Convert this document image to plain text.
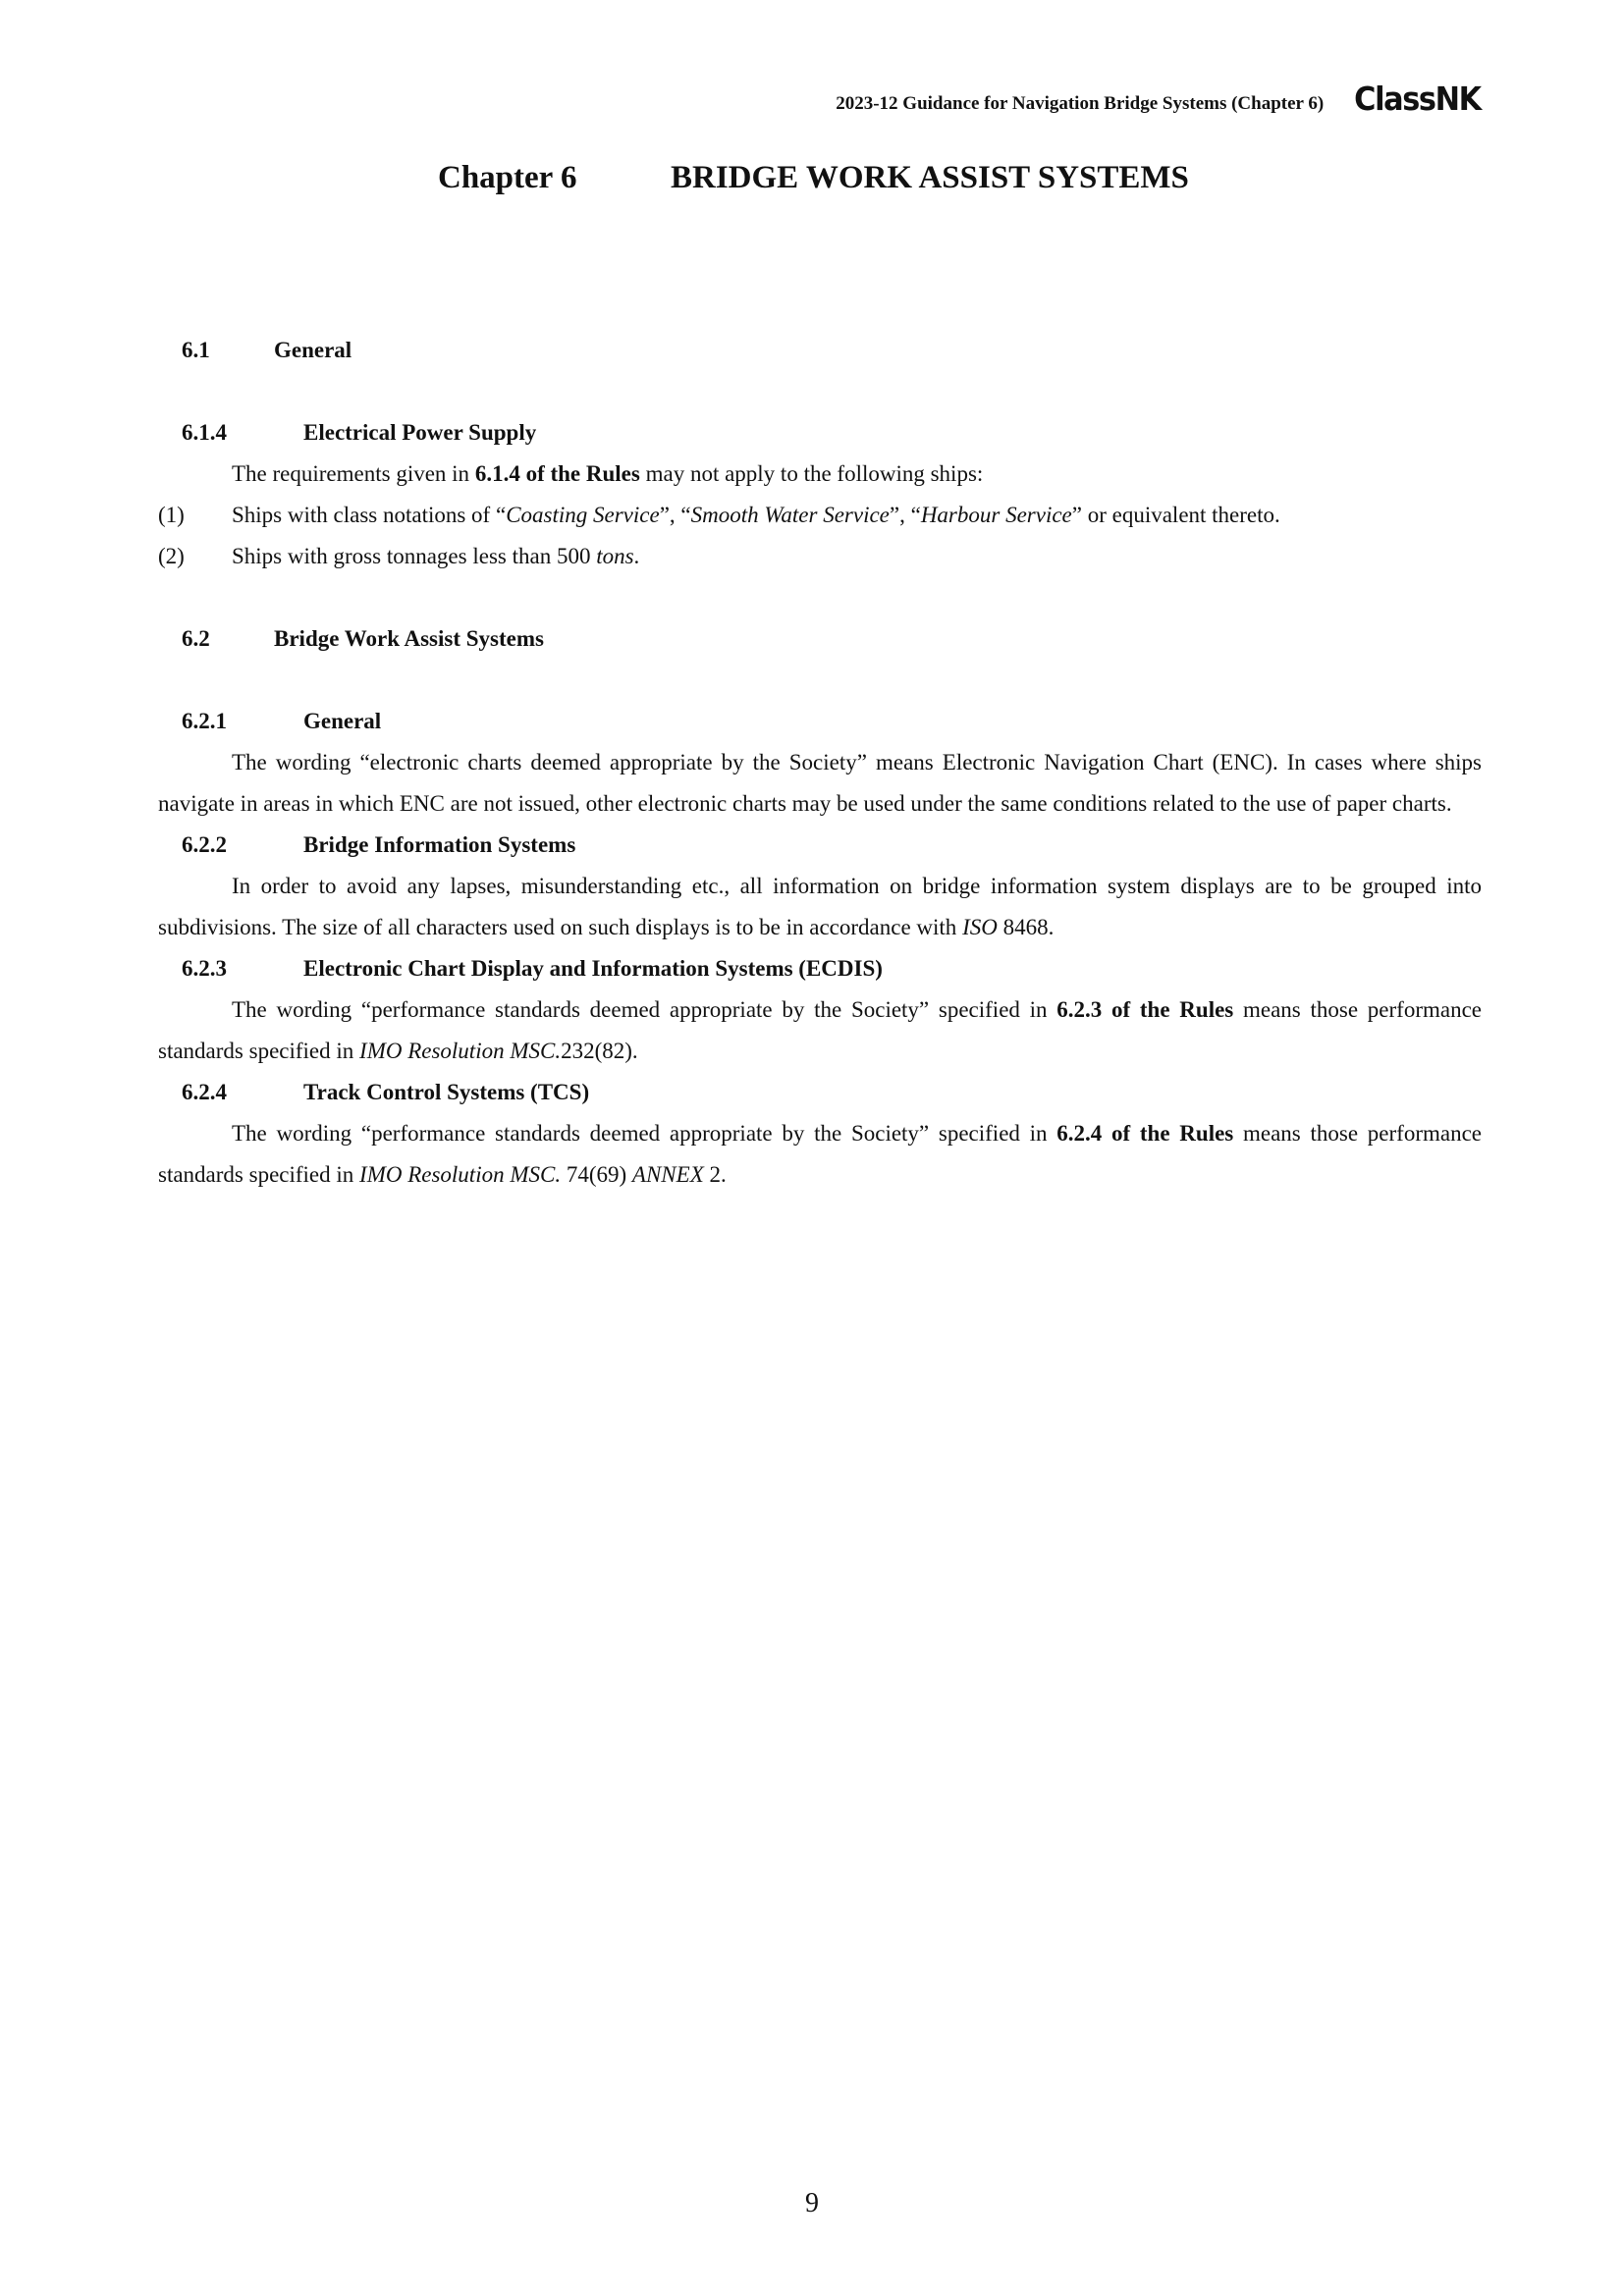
2023-12 Guidance for Navigation Bridge Systems (Chapter 6) ClassNK
Chapter 6	BRIDGE WORK ASSIST SYSTEMS
6.1	General
6.1.4	Electrical Power Supply
The requirements given in 6.1.4 of the Rules may not apply to the following ships:
(1)	Ships with class notations of “Coasting Service”, “Smooth Water Service”, “Harbour Service” or equivalent thereto.
(2)	Ships with gross tonnages less than 500 tons.
6.2	Bridge Work Assist Systems
6.2.1	General
The wording “electronic charts deemed appropriate by the Society” means Electronic Navigation Chart (ENC). In cases where ships navigate in areas in which ENC are not issued, other electronic charts may be used under the same conditions related to the use of paper charts.
6.2.2	Bridge Information Systems
In order to avoid any lapses, misunderstanding etc., all information on bridge information system displays are to be grouped into subdivisions. The size of all characters used on such displays is to be in accordance with ISO 8468.
6.2.3	Electronic Chart Display and Information Systems (ECDIS)
The wording “performance standards deemed appropriate by the Society” specified in 6.2.3 of the Rules means those performance standards specified in IMO Resolution MSC.232(82).
6.2.4	Track Control Systems (TCS)
The wording “performance standards deemed appropriate by the Society” specified in 6.2.4 of the Rules means those performance standards specified in IMO Resolution MSC. 74(69) ANNEX 2.
9
